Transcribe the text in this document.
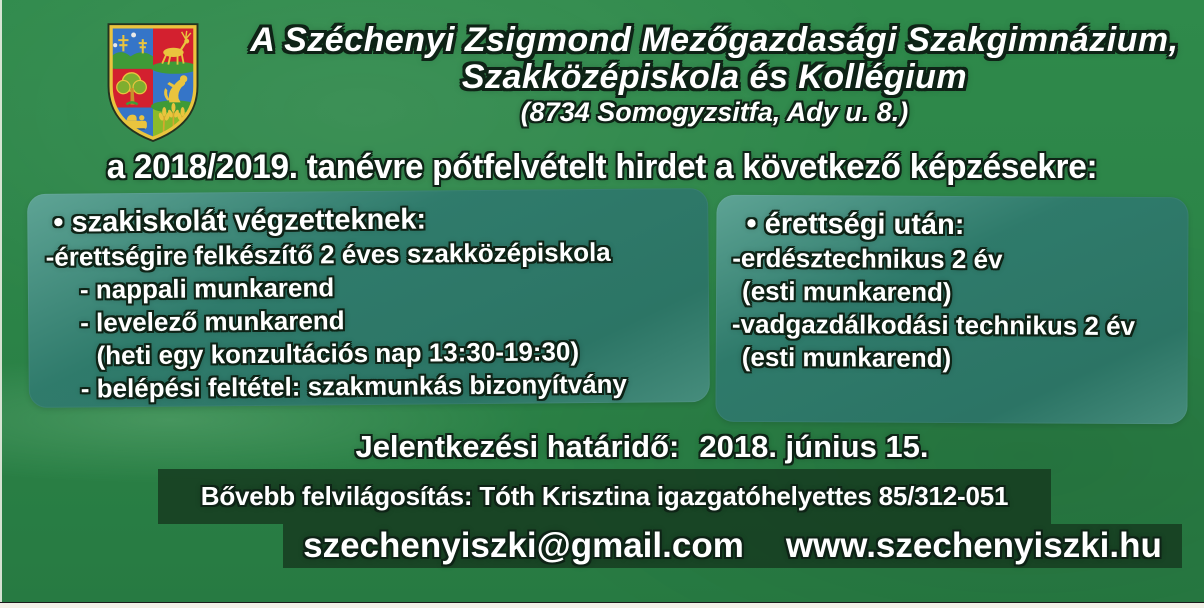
A Széchenyi Zsigmond Mezőgazdasági Szakgimnázium,
Szakközépiskola és Kollégium
(8734 Somogyzsitfa, Ady u. 8.)
a 2018/2019. tanévre pótfelvételt hirdet a következő képzésekre:
• szakiskolát végzetteknek:
-érettségire felkészítő 2 éves szakközépiskola
- nappali munkarend
- levelező munkarend
(heti egy konzultációs nap 13:30-19:30)
- belépési feltétel: szakmunkás bizonyítvány
• érettségi után:
-erdésztechnikus 2 év
(esti munkarend)
-vadgazdálkodási technikus 2 év
(esti munkarend)
Jelentkezési határidő: 2018. június 15.
Bővebb felvilágosítás: Tóth Krisztina igazgatóhelyettes 85/312-051
szechenyiszki@gmail.com www.szechenyiszki.hu
